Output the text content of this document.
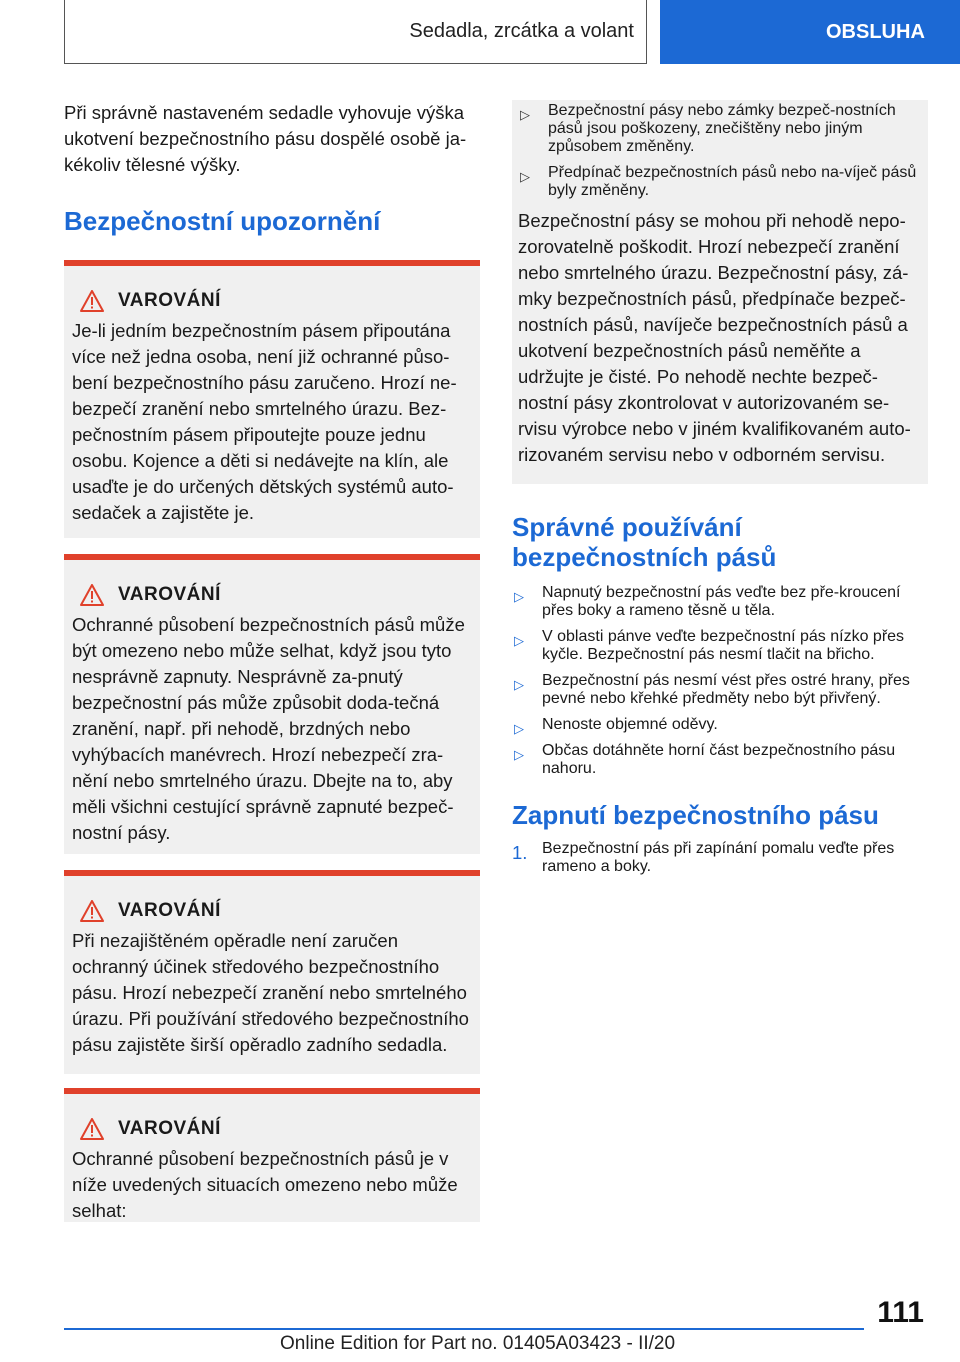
Sedadla, zrcátka a volant	OBSLUHA

Při správně nastaveném sedadle vyhovuje výška ukotvení bezpečnostního pásu dospělé osobě ja-kékoliv tělesné výšky.

Bezpečnostní upozornění
VAROVÁNÍ

Je-li jedním bezpečnostním pásem připoutána více než jedna osoba, není již ochranné půso-bení bezpečnostního pásu zaručeno. Hrozí ne-bezpečí zranění nebo smrtelného úrazu. Bez-pečnostním pásem připoutejte pouze jednu osobu. Kojence a děti si nedávejte na klín, ale usaďte je do určených dětských systémů auto-sedaček a zajistěte je.

VAROVÁNÍ

Ochranné působení bezpečnostních pásů může být omezeno nebo může selhat, když jsou tyto nesprávně zapnuty. Nesprávně za-pnutý bezpečnostní pás může způsobit doda-tečná zranění, např. při nehodě, brzdných nebo vyhýbacích manévrech. Hrozí nebezpečí zra-nění nebo smrtelného úrazu. Dbejte na to, aby měli všichni cestující správně zapnuté bezpeč-nostní pásy.

VAROVÁNÍ

Při nezajištěném opěradle není zaručen ochranný účinek středového bezpečnostního pásu. Hrozí nebezpečí zranění nebo smrtelného úrazu. Při používání středového bezpečnostního pásu zajistěte širší opěradlo zadního sedadla.

VAROVÁNÍ

Ochranné působení bezpečnostních pásů je v níže uvedených situacích omezeno nebo může selhat:

▷ Bezpečnostní pásy nebo zámky bezpeč-nostních pásů jsou poškozeny, znečištěny nebo jiným způsobem změněny.
▷ Předpínač bezpečnostních pásů nebo na-víječ pásů byly změněny.

Bezpečnostní pásy se mohou při nehodě nepo-zorovatelně poškodit. Hrozí nebezpečí zranění nebo smrtelného úrazu. Bezpečnostní pásy, zá-mky bezpečnostních pásů, předpínače bezpeč-nostních pásů, navíječe bezpečnostních pásů a ukotvení bezpečnostních pásů neměňte a udržujte je čisté. Po nehodě nechte bezpeč-nostní pásy zkontrolovat v autorizovaném se-rvisu výrobce nebo v jiném kvalifikovaném auto-rizovaném servisu nebo v odborném servisu.

Správné používání bezpečnostních pásů
▷ Napnutý bezpečnostní pás veďte bez pře-kroucení přes boky a rameno těsně u těla.
▷ V oblasti pánve veďte bezpečnostní pás nízko přes kyčle. Bezpečnostní pás nesmí tlačit na břicho.
▷ Bezpečnostní pás nesmí vést přes ostré hrany, přes pevné nebo křehké předměty nebo být přivřený.
▷ Nenoste objemné oděvy.
▷ Občas dotáhněte horní část bezpečnostního pásu nahoru.
Zapnutí bezpečnostního pásu
1. Bezpečnostní pás při zapínání pomalu veďte přes rameno a boky.
111
Online Edition for Part no. 01405A03423 - II/20
